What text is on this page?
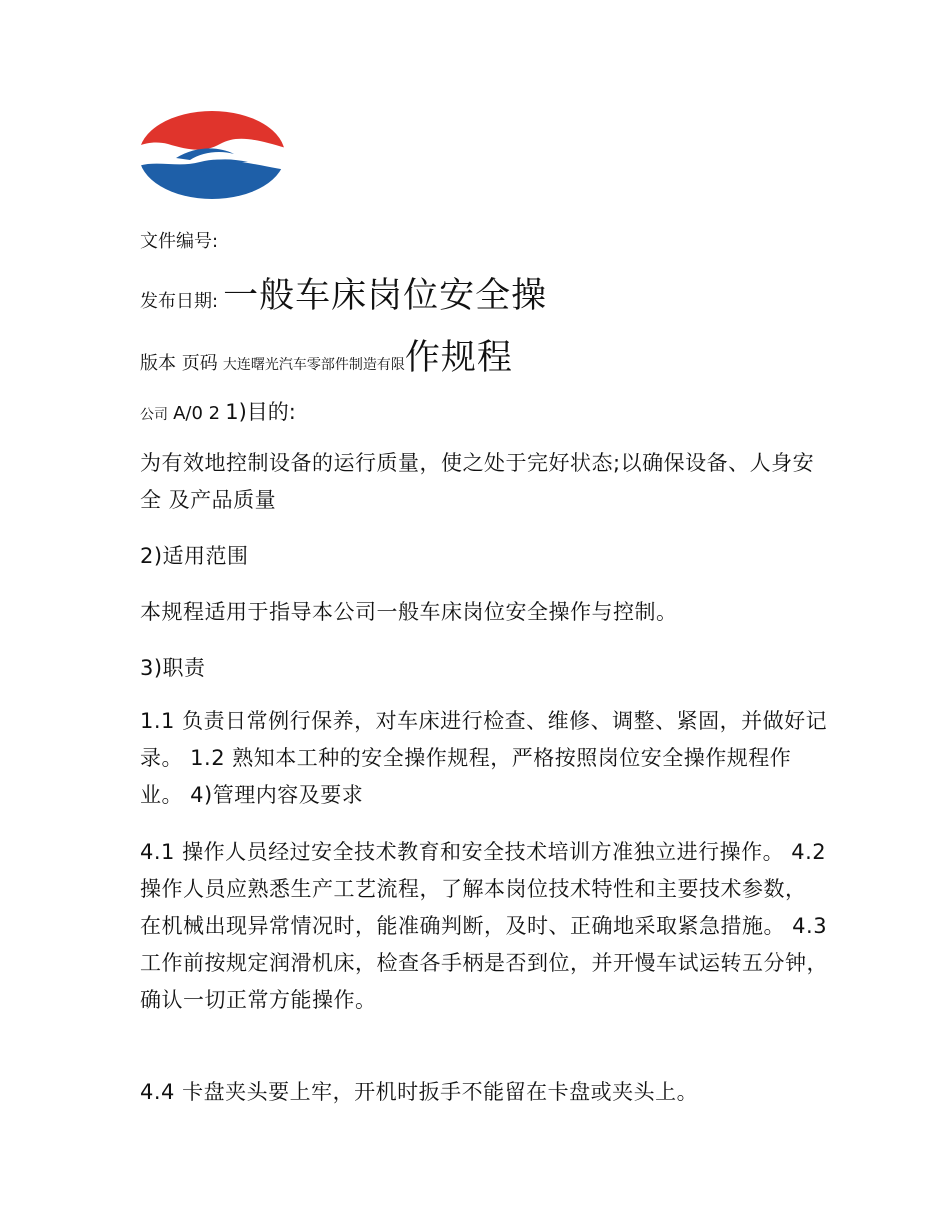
文件编号:
发布日期: 一般车床岗位安全操
版本 页码 大连曙光汽车零部件制造有限作规程
公司 A/0 2 1)目的:
为有效地控制设备的运行质量，使之处于完好状态;以确保设备、人身安全 及产品质量
2)适用范围
本规程适用于指导本公司一般车床岗位安全操作与控制。
3)职责
1.1 负责日常例行保养，对车床进行检查、维修、调整、紧固，并做好记录。 1.2 熟知本工种的安全操作规程，严格按照岗位安全操作规程作业。 4)管理内容及要求
4.1 操作人员经过安全技术教育和安全技术培训方准独立进行操作。 4.2 操作人员应熟悉生产工艺流程，了解本岗位技术特性和主要技术参数， 在机械出现异常情况时，能准确判断，及时、正确地采取紧急措施。 4.3 工作前按规定润滑机床，检查各手柄是否到位，并开慢车试运转五分钟， 确认一切正常方能操作。
4.4 卡盘夹头要上牢，开机时扳手不能留在卡盘或夹头上。
